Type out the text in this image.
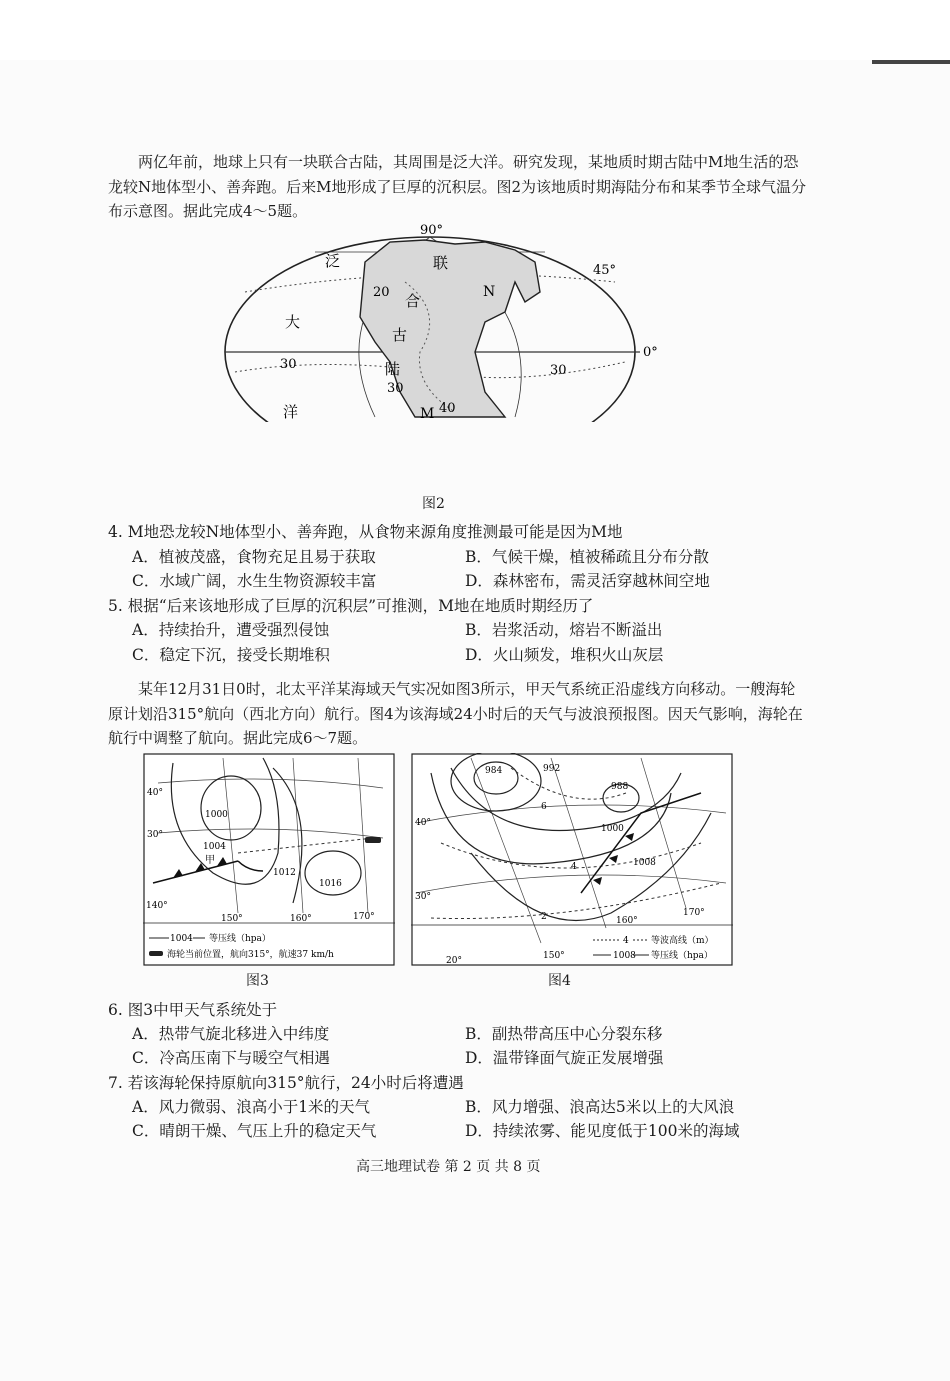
两亿年前，地球上只有一块联合古陆，其周围是泛大洋。研究发现，某地质时期古陆中M地生活的恐龙较N地体型小、善奔跑。后来M地形成了巨厚的沉积层。图2为该地质时期海陆分布和某季节全球气温分布示意图。据此完成4～5题。
90°
45°
0°
泛
大
洋
联
合
古
陆
N
M
20
30
30
30
40
图2
4. M地恐龙较N地体型小、善奔跑，从食物来源角度推测最可能是因为M地
A．植被茂盛，食物充足且易于获取	B．气候干燥，植被稀疏且分布分散
C．水域广阔，水生生物资源较丰富	D．森林密布，需灵活穿越林间空地
5. 根据“后来该地形成了巨厚的沉积层”可推测，M地在地质时期经历了
A．持续抬升，遭受强烈侵蚀	B．岩浆活动，熔岩不断溢出
C．稳定下沉，接受长期堆积	D．火山频发，堆积火山灰层
某年12月31日0时，北太平洋某海域天气实况如图3所示，甲天气系统正沿虚线方向移动。一艘海轮原计划沿315°航向（西北方向）航行。图4为该海域24小时后的天气与波浪预报图。因天气影响，海轮在航行中调整了航向。据此完成6～7题。
40°
30°
140°
150°	160°	170°
1000
1004
1012
1016
甲
1004 等压线（hpa）
海轮当前位置，航向315°，航速37 km/h
图3
40°
30°
20°	150°
160°
170°
984	992
988
1000
1008
6
4
2
4 等波高线（m）
1008 等压线（hpa）
图4
6. 图3中甲天气系统处于
A．热带气旋北移进入中纬度	B．副热带高压中心分裂东移
C．冷高压南下与暖空气相遇	D．温带锋面气旋正发展增强
7. 若该海轮保持原航向315°航行，24小时后将遭遇
A．风力微弱、浪高小于1米的天气	B．风力增强、浪高达5米以上的大风浪
C．晴朗干燥、气压上升的稳定天气	D．持续浓雾、能见度低于100米的海域
高三地理试卷 第 2 页 共 8 页
